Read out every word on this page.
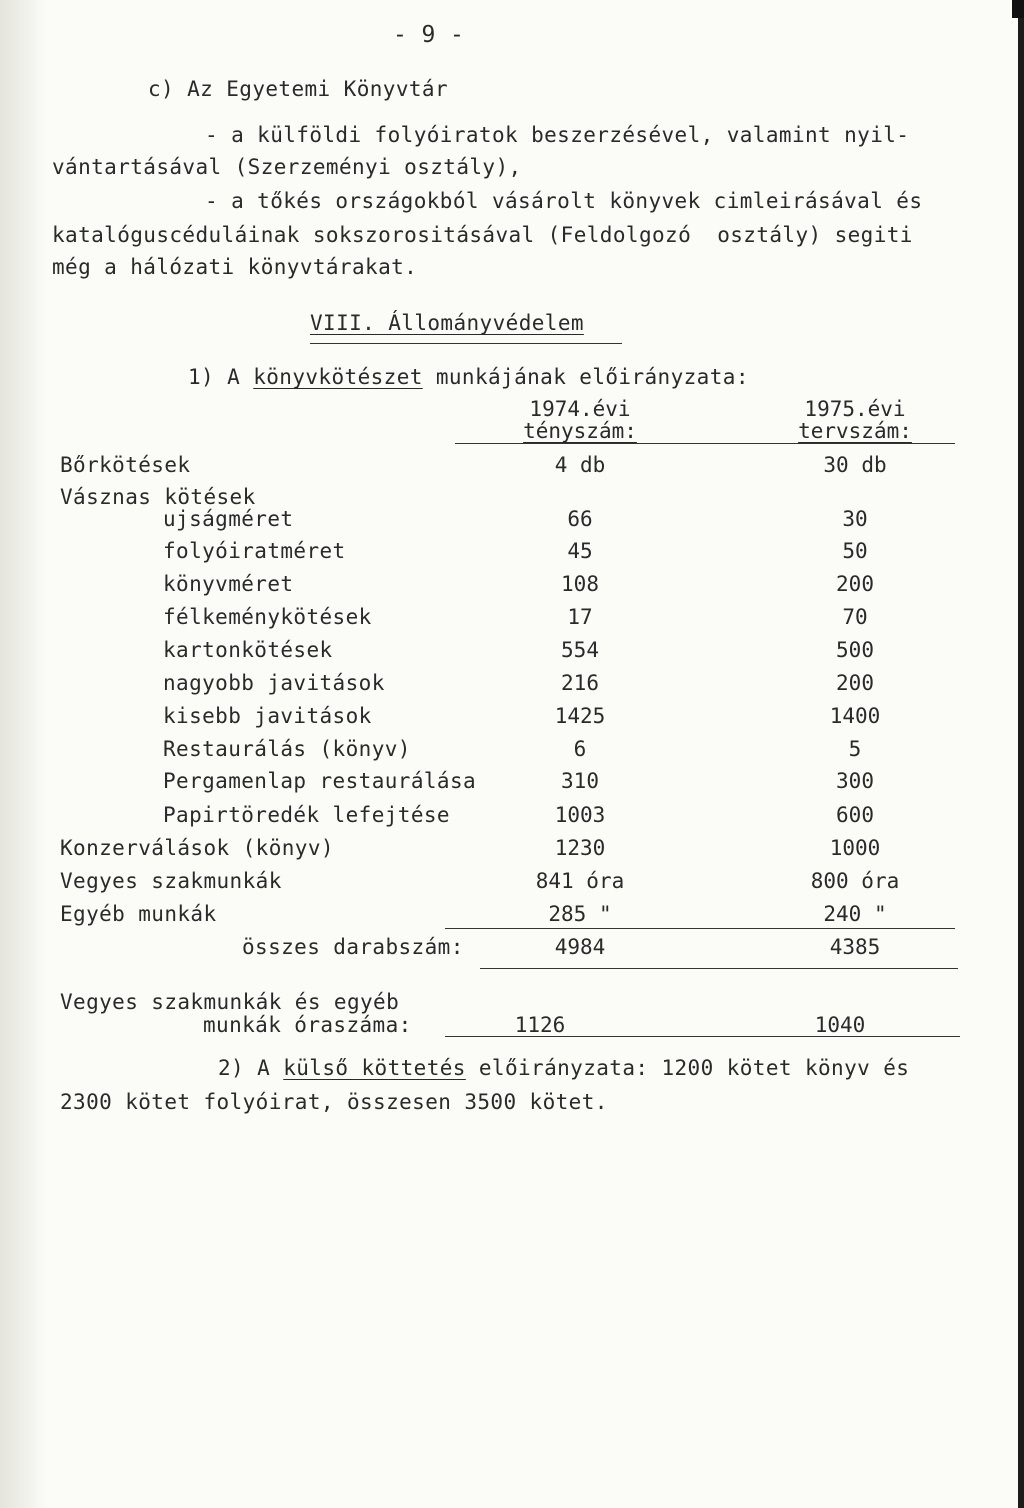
- 9 -
c) Az Egyetemi Könyvtár
- a külföldi folyóiratok beszerzésével, valamint nyil-
vántartásával (Szerzeményi osztály),
- a tőkés országokból vásárolt könyvek cimleirásával és
katalóguscéduláinak sokszorositásával (Feldolgozó  osztály) segiti
még a hálózati könyvtárakat.
VIII. Állományvédelem
1) A könyvkötészet munkájának előirányzata:
1974.évi
tényszám:
1975.évi
tervszám:
Bőrkötések	4 db	30 db
Vásznas kötések
ujságméret	66	30
folyóiratméret	45	50
könyvméret	108	200
félkeménykötések	17	70
kartonkötések	554	500
nagyobb javitások	216	200
kisebb javitások	1425	1400
Restaurálás (könyv)	6	5
Pergamenlap restaurálása	310	300
Papirtöredék lefejtése	1003	600
Konzerválások (könyv)	1230	1000
Vegyes szakmunkák	841 óra	800 óra
Egyéb munkák	285 "	240 "
összes darabszám:	4984	4385
Vegyes szakmunkák és egyéb
munkák óraszáma:	1126	1040
2) A külső köttetés előirányzata: 1200 kötet könyv és
2300 kötet folyóirat, összesen 3500 kötet.
